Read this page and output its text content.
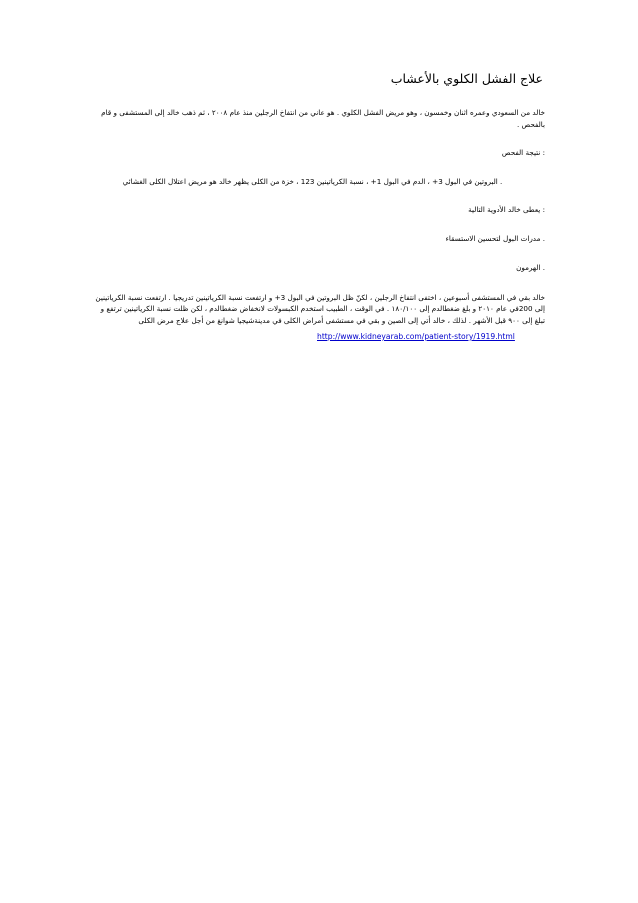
علاج الفشل الكلوي بالأعشاب

خالد من السعودي وعمره اثنان وخمسون ، وهو مريض الفشل الكلوي . هو عاني من انتفاخ الرجلين منذ عام ٢٠٠٨ ، ثم ذهب خالد إلى المستشفى و قام بالفحص .

: نتيجة الفحص

. البروتين في البول 3+ ، الدم في البول 1+ ، نسبة الكرياتينين 123 ، خزة من الكلى يظهر خالد هو مريض اعتلال الكلى الغشائي

: يعطى خالد الأدوية التالية

. مدرات البول لتحسين الاستسقاء

. الهرمون

خالد بقي في المستشفى أسبوعين ، اختفى انتفاخ الرجلين ، لكنّ ظل البروتين في البول 3+ و ارتفعت نسبة الكرياتينين تدريجيا . ارتفعت نسبة الكرياتينين إلى 200في عام ٢٠١٠ و بلغ ضغطالدم إلى ١٨٠/١٠٠ . في الوقت ، الطبيب استخدم الكبسولات لانخفاض ضغطالدم ، لكن ظلت نسبة الكرياتينين ترتفع و تبلغ إلى ٩٠٠ قبل الأشهر . لذلك ، خالد أتي إلى الصين و بقي في مستشفى أمراض الكلى في مدينةشيجيا شوانغ من أجل علاج مرض الكلى

http://www.kidneyarab.com/patient-story/1919.html
